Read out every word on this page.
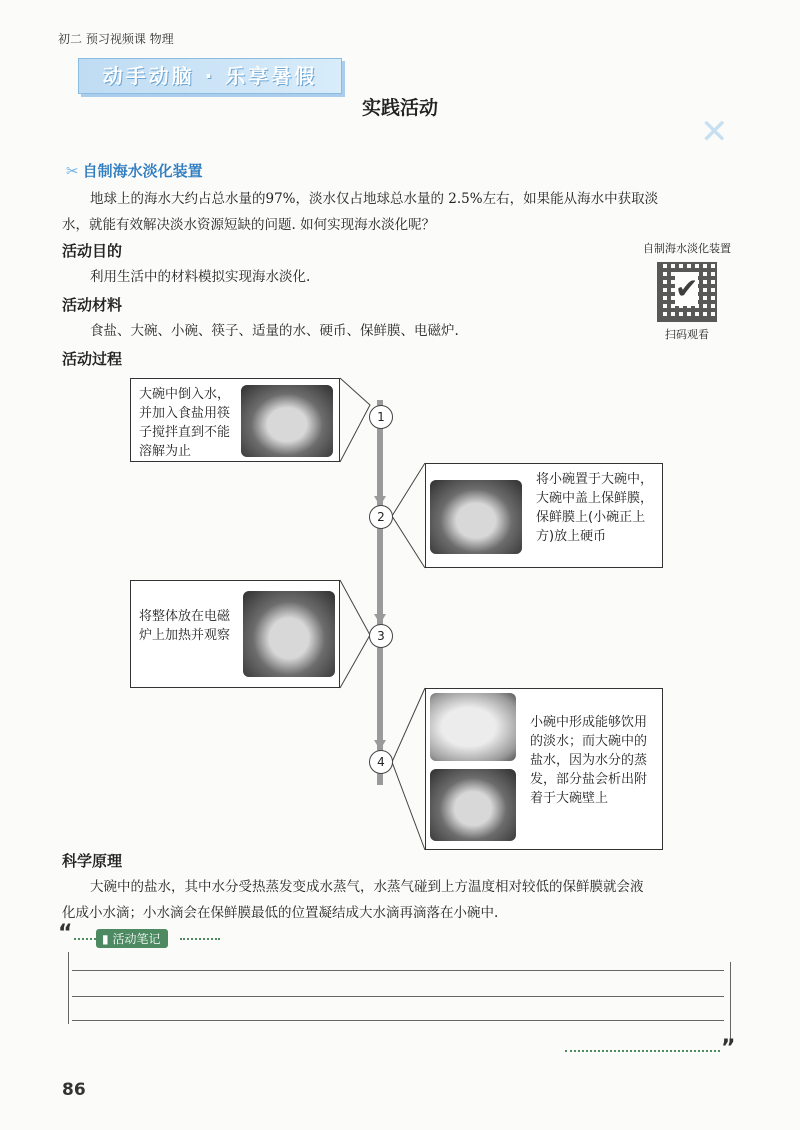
初二 预习视频课 物理
动手动脑 · 乐享暑假
实践活动
✕
✂ 自制海水淡化装置
地球上的海水大约占总水量的97%，淡水仅占地球总水量的 2.5%左右，如果能从海水中获取淡
水，就能有效解决淡水资源短缺的问题. 如何实现海水淡化呢？
活动目的
利用生活中的材料模拟实现海水淡化.
活动材料
食盐、大碗、小碗、筷子、适量的水、硬币、保鲜膜、电磁炉.
自制海水淡化装置
✔
扫码观看
活动过程
大碗中倒入水，并加入食盐用筷子搅拌直到不能溶解为止
1
将小碗置于大碗中，大碗中盖上保鲜膜，保鲜膜上(小碗正上方)放上硬币
2
将整体放在电磁炉上加热并观察	3
小碗中形成能够饮用的淡水；而大碗中的盐水，因为水分的蒸发，部分盐会析出附着于大碗壁上
4
科学原理
大碗中的盐水，其中水分受热蒸发变成水蒸气，水蒸气碰到上方温度相对较低的保鲜膜就会液
化成小水滴；小水滴会在保鲜膜最低的位置凝结成大水滴再滴落在小碗中.
“	▮ 活动笔记
”
86
